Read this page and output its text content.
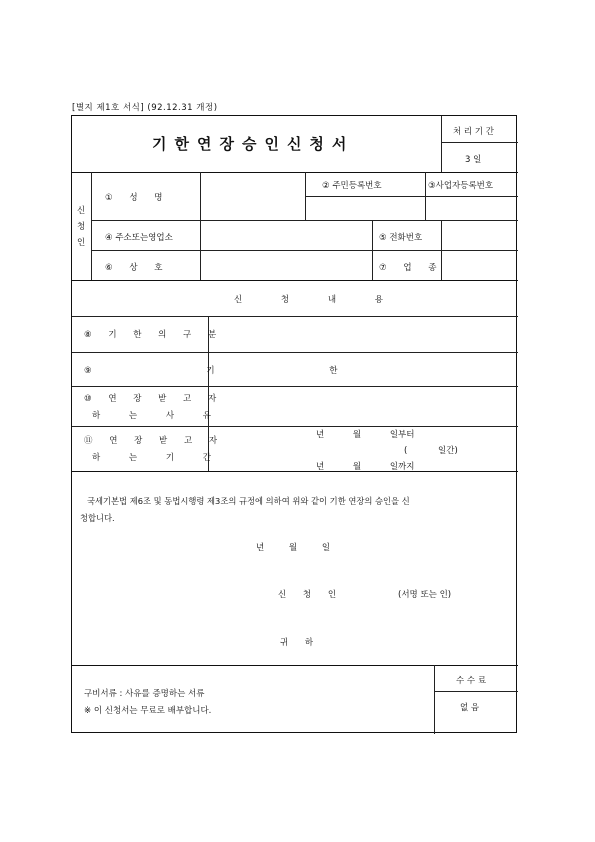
[별지 제1호 서식] (92.12.31 개정)
기한연장승인신청서
처 리 기 간
3 일
신
청
인
① 성 명
② 주민등록번호	③사업자등록번호
④ 주소또는영업소	⑤ 전화번호
⑥ 상 호	⑦ 업 종
신 청 내 용
⑧ 기 한 의 구 분
⑨ 기 한
⑩ 연 장 받 고 자
하 는 사 유
⑪ 연 장 받 고 자
하 는 기 간
년 월 일부터
( 일간)
년 월 일까지
국세기본법 제6조 및 동법시행령 제3조의 규정에 의하여 위와 같이 기한 연장의 승인을 신
청합니다.
년 월 일
신 청 인	(서명 또는 인)
귀 하
구비서류 : 사유를 증명하는 서류
※ 이 신청서는 무료로 배부합니다.
수 수 료
없 음
